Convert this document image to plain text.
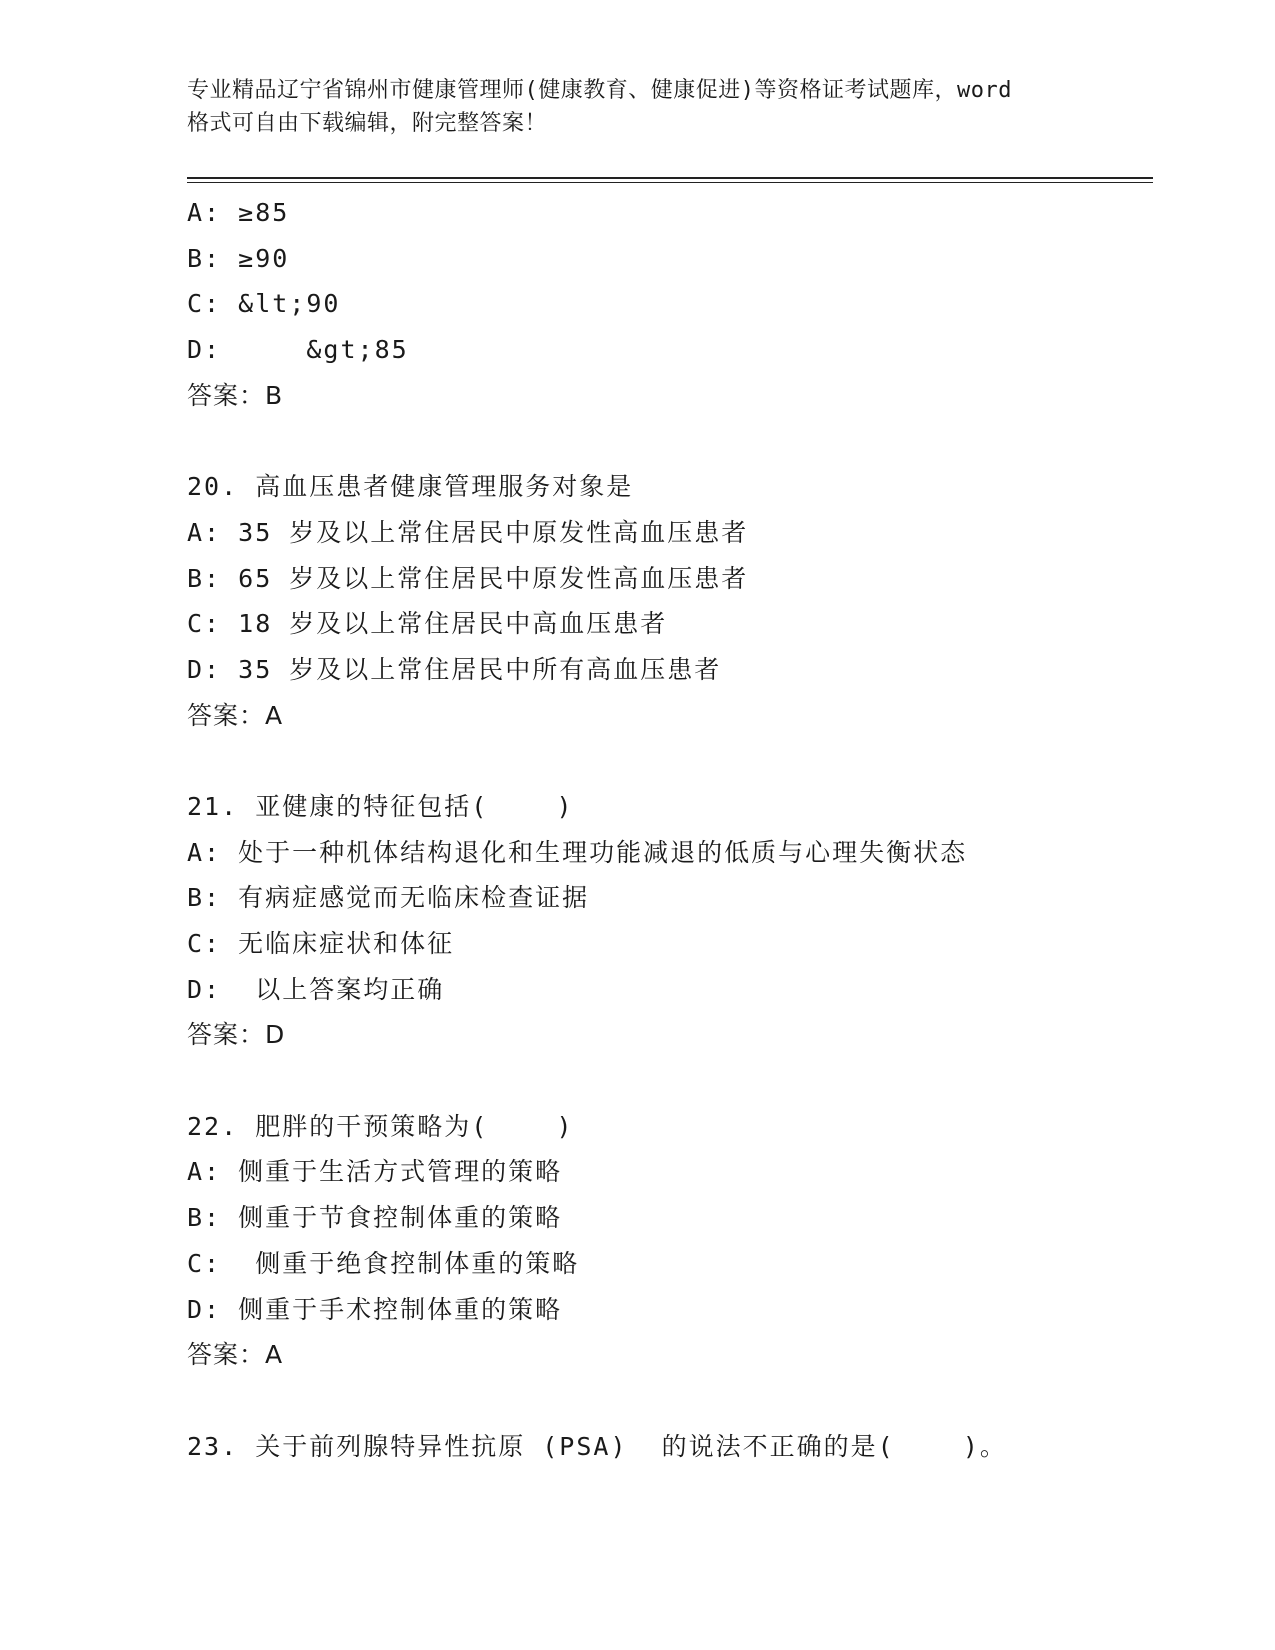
专业精品辽宁省锦州市健康管理师(健康教育、健康促进)等资格证考试题库，word
格式可自由下载编辑，附完整答案！
A: ≥85
B: ≥90
C: &lt;90
D:     &gt;85
答案：B
20. 高血压患者健康管理服务对象是
A: 35 岁及以上常住居民中原发性高血压患者
B: 65 岁及以上常住居民中原发性高血压患者
C: 18 岁及以上常住居民中高血压患者
D: 35 岁及以上常住居民中所有高血压患者
答案：A
21. 亚健康的特征包括(    )
A: 处于一种机体结构退化和生理功能减退的低质与心理失衡状态
B: 有病症感觉而无临床检查证据
C: 无临床症状和体征
D:  以上答案均正确
答案：D
22. 肥胖的干预策略为(    )
A: 侧重于生活方式管理的策略
B: 侧重于节食控制体重的策略
C:  侧重于绝食控制体重的策略
D: 侧重于手术控制体重的策略
答案：A
23. 关于前列腺特异性抗原 (PSA)  的说法不正确的是(    )。
